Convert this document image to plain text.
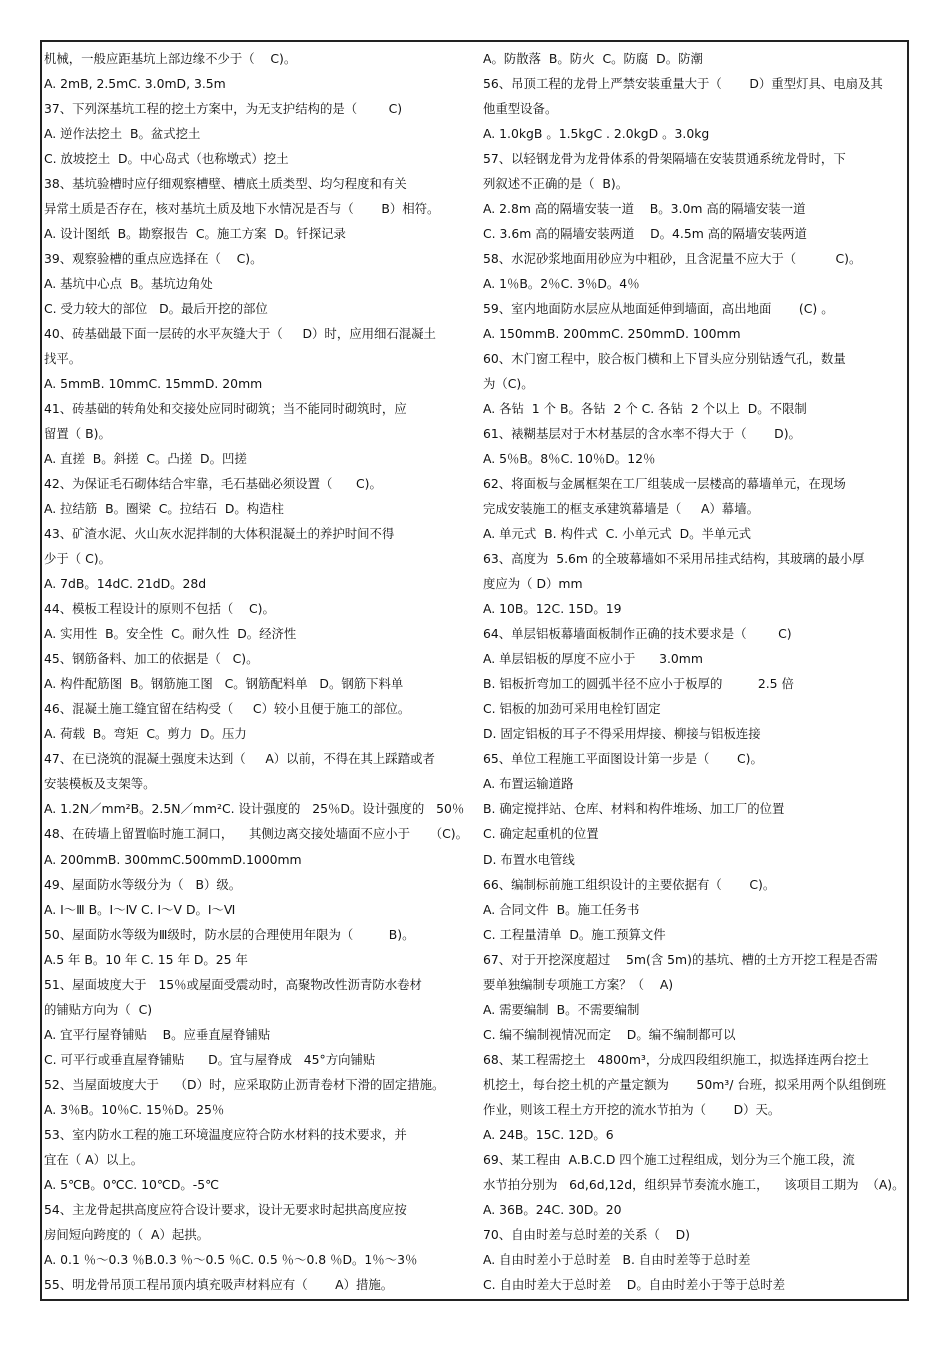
机械，一般应距基坑上部边缘不少于（    C)。
A. 2mB, 2.5mC. 3.0mD, 3.5m
37、下列深基坑工程的挖土方案中，为无支护结构的是（        C)
A. 逆作法挖土  B。盆式挖土
C. 放坡挖土  D。中心岛式（也称墩式）挖土
38、基坑验槽时应仔细观察槽壁、槽底土质类型、均匀程度和有关
异常土质是否存在，核对基坑土质及地下水情况是否与（       B）相符。
A. 设计图纸  B。勘察报告  C。施工方案  D。钎探记录
39、观察验槽的重点应选择在（    C)。
A. 基坑中心点  B。基坑边角处
C. 受力较大的部位   D。最后开挖的部位
40、砖基础最下面一层砖的水平灰缝大于（     D）时，应用细石混凝土
找平。
A. 5mmB. 10mmC. 15mmD. 20mm
41、砖基础的转角处和交接处应同时砌筑；当不能同时砌筑时，应
留置（ B)。
A. 直搓  B。斜搓  C。凸搓  D。凹搓
42、为保证毛石砌体结合牢靠，毛石基础必须设置（      C)。
A. 拉结筋  B。圈梁  C。拉结石  D。构造柱
43、矿渣水泥、火山灰水泥拌制的大体积混凝土的养护时间不得
少于（ C)。
A. 7dB。14dC. 21dD。28d
44、模板工程设计的原则不包括（    C)。
A. 实用性  B。安全性  C。耐久性  D。经济性
45、钢筋备料、加工的依据是（   C)。
A. 构件配筋图  B。钢筋施工图   C。钢筋配料单   D。钢筋下料单
46、混凝土施工缝宜留在结构受（     C）较小且便于施工的部位。
A. 荷载  B。弯矩  C。剪力  D。压力
47、在已浇筑的混凝土强度未达到（     A）以前，不得在其上踩踏或者
安装模板及支架等。
A. 1.2N／mm²B。2.5N／mm²C. 设计强度的   25％D。设计强度的   50％
48、在砖墙上留置临时施工洞口，    其侧边离交接处墙面不应小于     （C)。
A. 200mmB. 300mmC.500mmD.1000mm
49、屋面防水等级分为（   B）级。
A. Ⅰ～Ⅲ B。Ⅰ～Ⅳ C. Ⅰ～Ⅴ D。Ⅰ～Ⅵ
50、屋面防水等级为Ⅲ级时，防水层的合理使用年限为（         B)。
A.5 年 B。10 年 C. 15 年 D。25 年
51、屋面坡度大于   15％或屋面受震动时，高聚物改性沥青防水卷材
的铺贴方向为（  C)
A. 宜平行屋脊铺贴    B。应垂直屋脊铺贴
C. 可平行或垂直屋脊铺贴      D。宜与屋脊成   45°方向铺贴
52、当屋面坡度大于    （D）时，应采取防止沥青卷材下滑的固定措施。
A. 3％B。10％C. 15％D。25％
53、室内防水工程的施工环境温度应符合防水材料的技术要求，并
宜在（ A）以上。
A. 5℃B。0℃C. 10℃D。-5℃
54、主龙骨起拱高度应符合设计要求，设计无要求时起拱高度应按
房间短向跨度的（  A）起拱。
A. 0.1 ％～0.3 ％B.0.3 ％～0.5 ％C. 0.5 ％～0.8 ％D。1％～3％
55、明龙骨吊顶工程吊顶内填充吸声材料应有（       A）措施。
A。防散落  B。防火  C。防腐  D。防潮
56、吊顶工程的龙骨上严禁安装重量大于（       D）重型灯具、电扇及其
他重型设备。
A. 1.0kgB 。1.5kgC . 2.0kgD 。3.0kg
57、以轻钢龙骨为龙骨体系的骨架隔墙在安装贯通系统龙骨时，下
列叙述不正确的是（  B)。
A. 2.8m 高的隔墙安装一道    B。3.0m 高的隔墙安装一道
C. 3.6m 高的隔墙安装两道    D。4.5m 高的隔墙安装两道
58、水泥砂浆地面用砂应为中粗砂，且含泥量不应大于（          C)。
A. 1％B。2％C. 3％D。4％
59、室内地面防水层应从地面延伸到墙面，高出地面       (C) 。
A. 150mmB. 200mmC. 250mmD. 100mm
60、木门窗工程中，胶合板门横和上下冒头应分别钻透气孔，数量
为（C)。
A. 各钻  1 个 B。各钻  2 个 C. 各钻  2 个以上  D。不限制
61、裱糊基层对于木材基层的含水率不得大于（       D)。
A. 5％B。8％C. 10％D。12％
62、将面板与金属框架在工厂组装成一层楼高的幕墙单元，在现场
完成安装施工的框支承建筑幕墙是（     A）幕墙。
A. 单元式  B. 构件式  C. 小单元式  D。半单元式
63、高度为  5.6m 的全玻幕墙如不采用吊挂式结构，其玻璃的最小厚
度应为（ D）mm
A. 10B。12C. 15D。19
64、单层铝板幕墙面板制作正确的技术要求是（        C)
A. 单层铝板的厚度不应小于      3.0mm
B. 铝板折弯加工的圆弧半径不应小于板厚的         2.5 倍
C. 铝板的加劲可采用电栓钉固定
D. 固定铝板的耳子不得采用焊接、柳接与铝板连接
65、单位工程施工平面图设计第一步是（       C)。
A. 布置运输道路
B. 确定搅拌站、仓库、材料和构件堆场、加工厂的位置
C. 确定起重机的位置
D. 布置水电管线
66、编制标前施工组织设计的主要依据有（       C)。
A. 合同文件  B。施工任务书
C. 工程量清单  D。施工预算文件
67、对于开挖深度超过    5m(含 5m)的基坑、槽的土方开挖工程是否需
要单独编制专项施工方案？（    A)
A. 需要编制  B。不需要编制
C. 编不编制视情况而定    D。编不编制都可以
68、某工程需挖土   4800m³，分成四段组织施工，拟选择连两台挖土
机挖土，每台挖土机的产量定额为       50m³/ 台班，拟采用两个队组倒班
作业，则该工程土方开挖的流水节拍为（       D）天。
A. 24B。15C. 12D。6
69、某工程由  A.B.C.D 四个施工过程组成，划分为三个施工段，流
水节拍分别为   6d,6d,12d，组织异节奏流水施工，    该项目工期为  （A)。
A. 36B。24C. 30D。20
70、自由时差与总时差的关系（    D)
A. 自由时差小于总时差   B. 自由时差等于总时差
C. 自由时差大于总时差    D。自由时差小于等于总时差
